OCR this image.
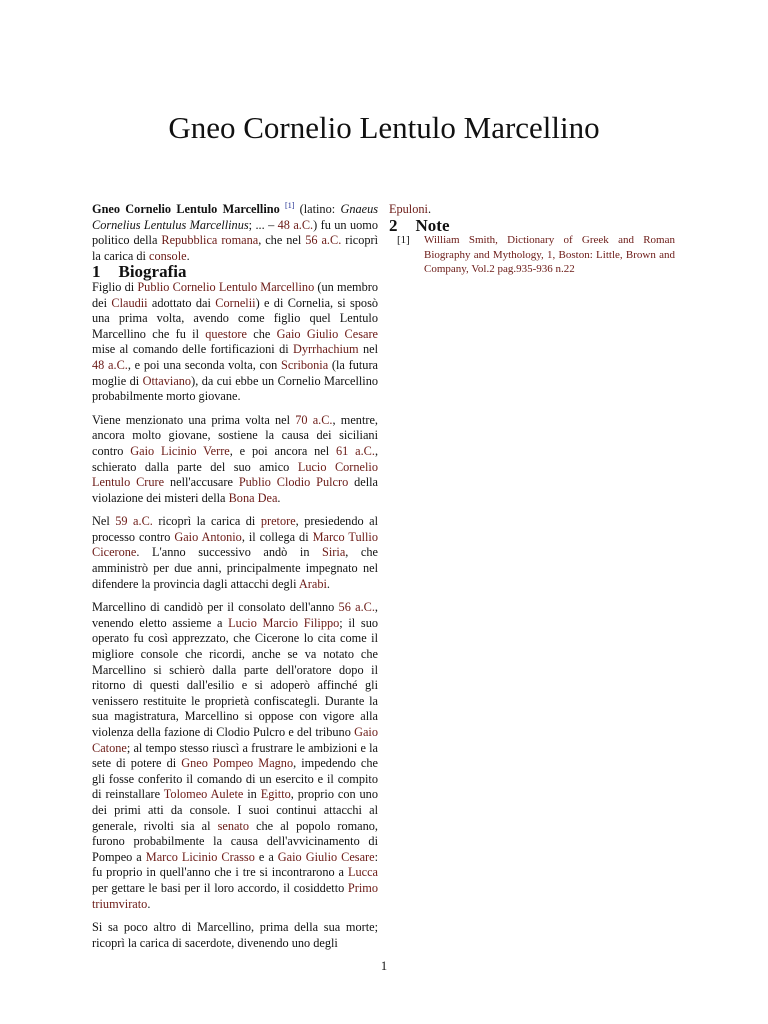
Gneo Cornelio Lentulo Marcellino

Gneo Cornelio Lentulo Marcellino [1] (latino: Gnaeus Cornelius Lentulus Marcellinus; ... – 48 a.C.) fu un uomo politico della Repubblica romana, che nel 56 a.C. ricoprì la carica di console.

1 Biografia

Figlio di Publio Cornelio Lentulo Marcellino (un membro dei Claudii adottato dai Cornelii) e di Cornelia, si sposò una prima volta, avendo come figlio quel Lentulo Marcellino che fu il questore che Gaio Giulio Cesare mise al comando delle fortificazioni di Dyrrhachium nel 48 a.C., e poi una seconda volta, con Scribonia (la futura moglie di Ottaviano), da cui ebbe un Cornelio Marcellino probabilmente morto giovane.

Viene menzionato una prima volta nel 70 a.C., mentre, ancora molto giovane, sostiene la causa dei siciliani contro Gaio Licinio Verre, e poi ancora nel 61 a.C., schierato dalla parte del suo amico Lucio Cornelio Lentulo Crure nell'accusare Publio Clodio Pulcro della violazione dei misteri della Bona Dea.

Nel 59 a.C. ricoprì la carica di pretore, presiedendo al processo contro Gaio Antonio, il collega di Marco Tullio Cicerone. L'anno successivo andò in Siria, che amministrò per due anni, principalmente impegnato nel difendere la provincia dagli attacchi degli Arabi.

Marcellino di candidò per il consolato dell'anno 56 a.C., venendo eletto assieme a Lucio Marcio Filippo; il suo operato fu così apprezzato, che Cicerone lo cita come il migliore console che ricordi, anche se va notato che Marcellino si schierò dalla parte dell'oratore dopo il ritorno di questi dall'esilio e si adoperò affinché gli venissero restituite le proprietà confiscategli. Durante la sua magistratura, Marcellino si oppose con vigore alla violenza della fazione di Clodio Pulcro e del tribuno Gaio Catone; al tempo stesso riuscì a frustrare le ambizioni e la sete di potere di Gneo Pompeo Magno, impedendo che gli fosse conferito il comando di un esercito e il compito di reinstallare Tolomeo Aulete in Egitto, proprio con uno dei primi atti da console. I suoi continui attacchi al generale, rivolti sia al senato che al popolo romano, furono probabilmente la causa dell'avvicinamento di Pompeo a Marco Licinio Crasso e a Gaio Giulio Cesare: fu proprio in quell'anno che i tre si incontrarono a Lucca per gettare le basi per il loro accordo, il cosiddetto Primo triumvirato.

Si sa poco altro di Marcellino, prima della sua morte; ricoprì la carica di sacerdote, divenendo uno degli

Epuloni.

2 Note
[1]	William Smith, Dictionary of Greek and Roman Biography and Mythology, 1, Boston: Little, Brown and Company, Vol.2 pag.935-936 n.22
1
